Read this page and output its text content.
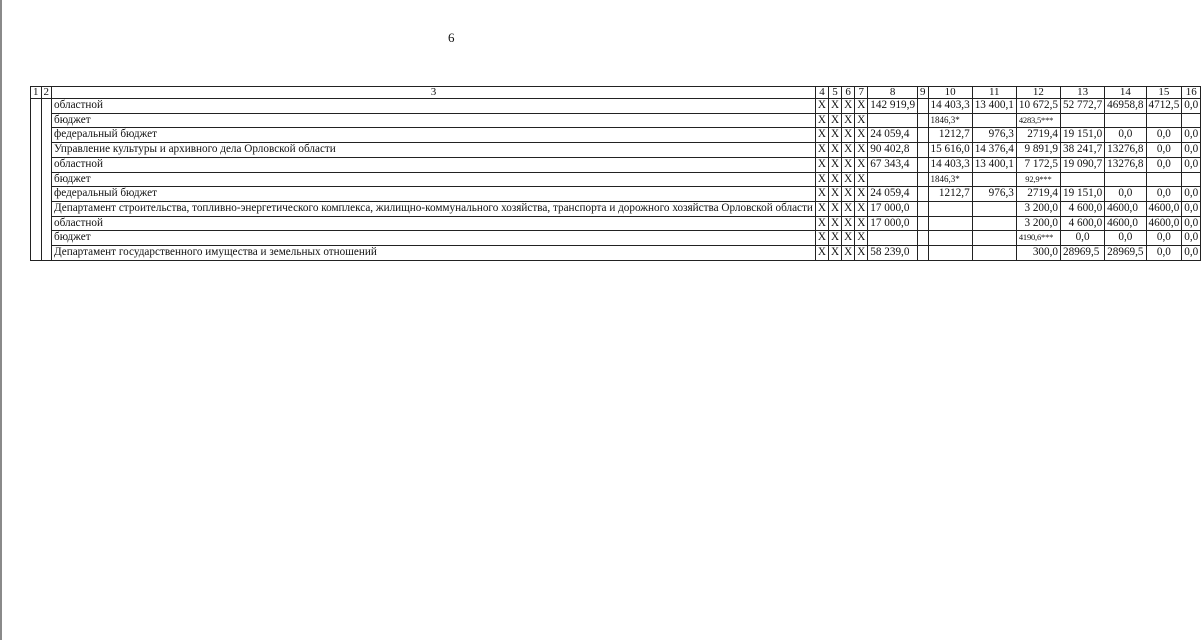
6
1	2	3	4	5	6	7	8	9	10	11	12	13	14	15	16
		областной	Х	Х	Х	Х	142 919,9		14 403,3	13 400,1	10 672,5	52 772,7	46958,8	4712,5	0,0
		бюджет	Х	Х	Х	Х			1846,3*		4283,5***				
		федеральный бюджет	Х	Х	Х	Х	24 059,4		1212,7	976,3	2719,4	19 151,0	0,0	0,0	0,0
		Управление культуры и архивного дела Орловской области	Х	Х	Х	Х	90 402,8		15 616,0	14 376,4	9 891,9	38 241,7	13276,8	0,0	0,0
		областной	Х	Х	Х	Х	67 343,4		14 403,3	13 400,1	7 172,5	19 090,7	13276,8	0,0	0,0
		бюджет	Х	Х	Х	Х			1846,3*		92,9***				
		федеральный бюджет	Х	Х	Х	Х	24 059,4		1212,7	976,3	2719,4	19 151,0	0,0	0,0	0,0
		Департамент строительства, топливно-энергетического комплекса, жилищно-коммунального хозяйства, транспорта и дорожного хозяйства Орловской области	Х	Х	Х	Х	17 000,0				3 200,0	4 600,0	4600,0	4600,0	0,0
		областной	Х	Х	Х	Х	17 000,0				3 200,0	4 600,0	4600,0	4600,0	0,0
		бюджет	Х	Х	Х	Х					4190,6***	0,0	0,0	0,0	0,0
		Департамент государственного имущества и земельных отношений	Х	Х	Х	Х	58 239,0				300,0	28969,5	28969,5	0,0	0,0
